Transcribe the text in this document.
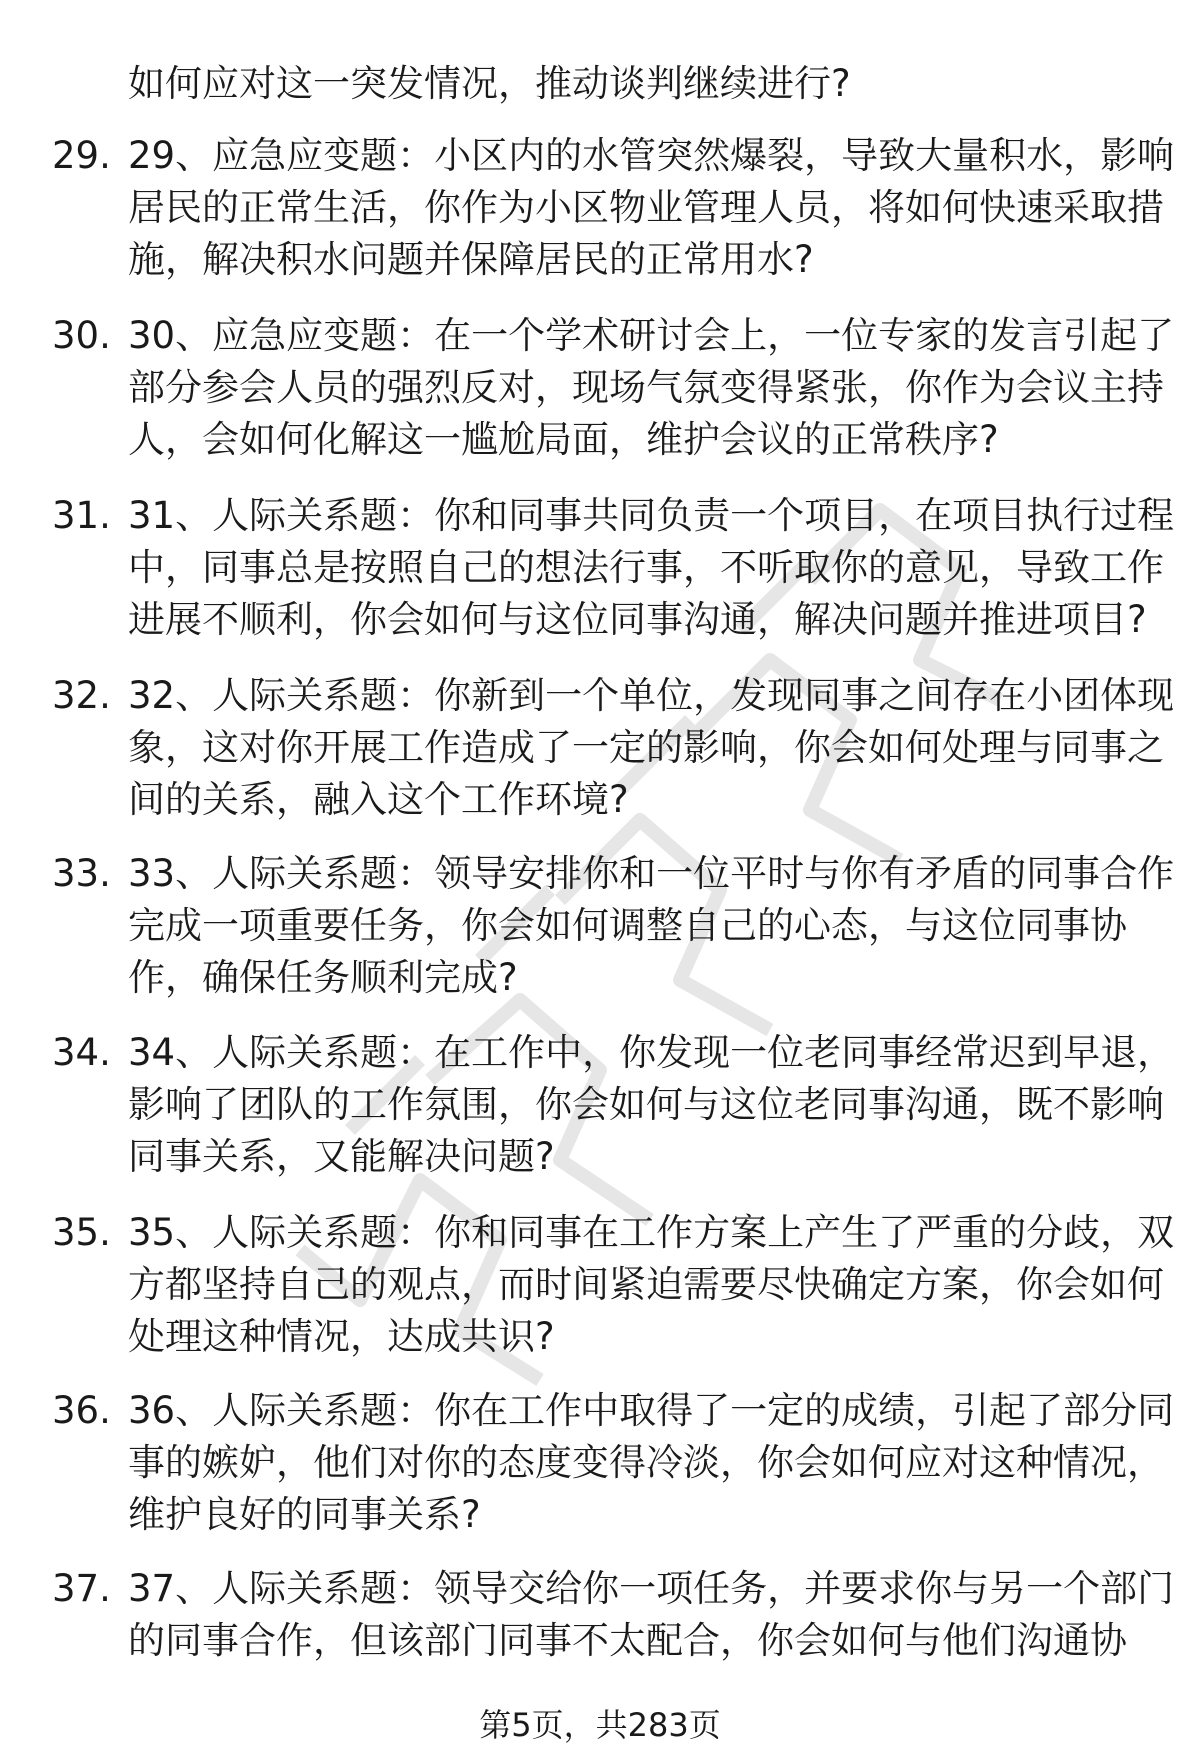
如何应对这一突发情况，推动谈判继续进行?
29. 29、应急应变题：小区内的水管突然爆裂，导致大量积水，影响
居民的正常生活，你作为小区物业管理人员，将如何快速采取措
施，解决积水问题并保障居民的正常用水?
30. 30、应急应变题：在一个学术研讨会上，一位专家的发言引起了
部分参会人员的强烈反对，现场气氛变得紧张，你作为会议主持
人，会如何化解这一尴尬局面，维护会议的正常秩序?
31. 31、人际关系题：你和同事共同负责一个项目，在项目执行过程
中，同事总是按照自己的想法行事，不听取你的意见，导致工作
进展不顺利，你会如何与这位同事沟通，解决问题并推进项目?
32. 32、人际关系题：你新到一个单位，发现同事之间存在小团体现
象，这对你开展工作造成了一定的影响，你会如何处理与同事之
间的关系，融入这个工作环境?
33. 33、人际关系题：领导安排你和一位平时与你有矛盾的同事合作
完成一项重要任务，你会如何调整自己的心态，与这位同事协
作，确保任务顺利完成?
34. 34、人际关系题：在工作中，你发现一位老同事经常迟到早退，
影响了团队的工作氛围，你会如何与这位老同事沟通，既不影响
同事关系，又能解决问题?
35. 35、人际关系题：你和同事在工作方案上产生了严重的分歧，双
方都坚持自己的观点，而时间紧迫需要尽快确定方案，你会如何
处理这种情况，达成共识?
36. 36、人际关系题：你在工作中取得了一定的成绩，引起了部分同
事的嫉妒，他们对你的态度变得冷淡，你会如何应对这种情况，
维护良好的同事关系?
37. 37、人际关系题：领导交给你一项任务，并要求你与另一个部门
的同事合作，但该部门同事不太配合，你会如何与他们沟通协
第5页，共283页
